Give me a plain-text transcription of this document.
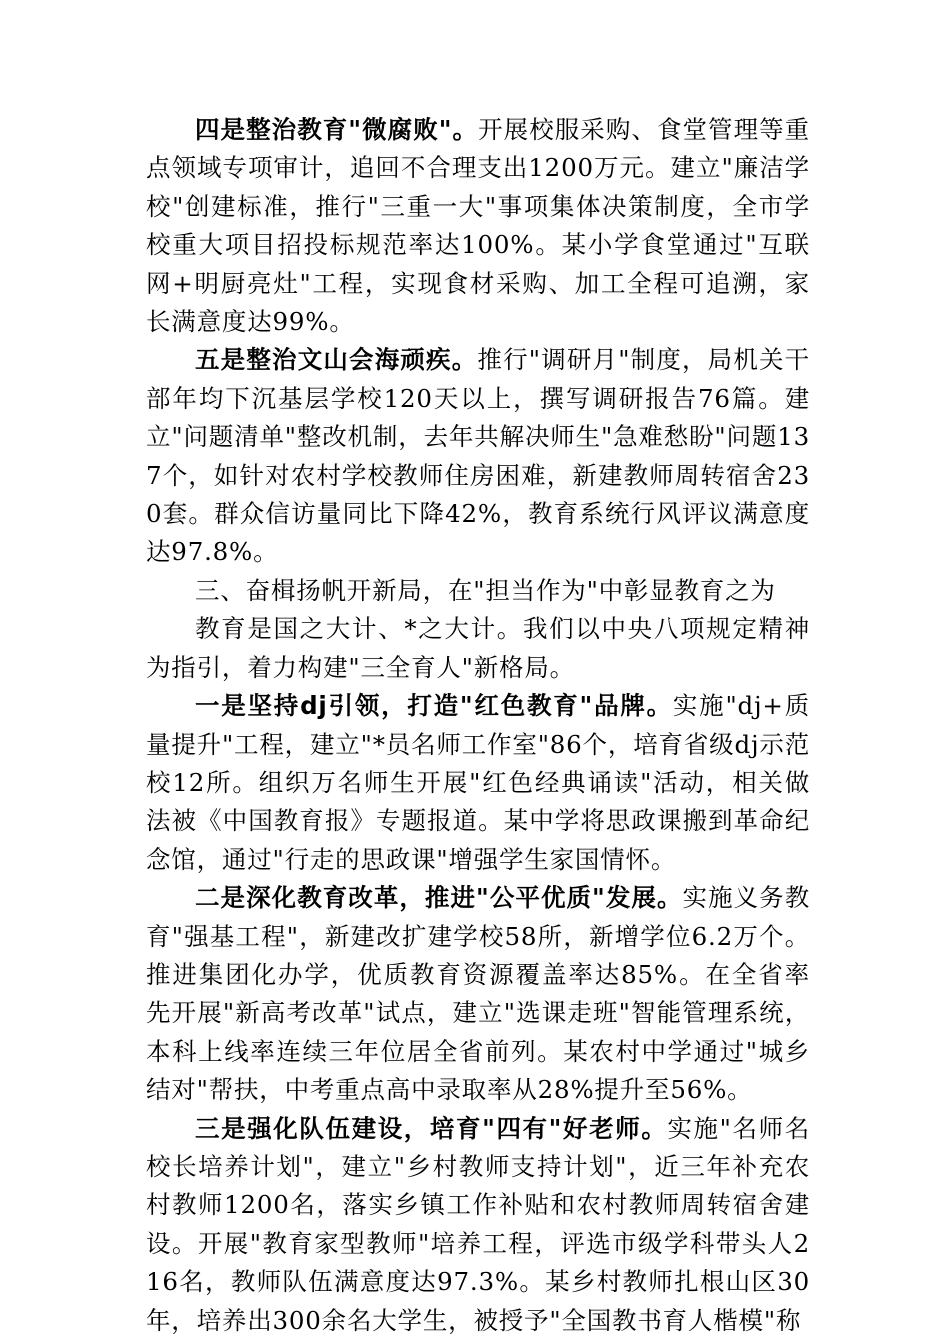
四是整治教育"微腐败"。开展校服采购、食堂管理等重点领域专项审计，追回不合理支出1200万元。建立"廉洁学校"创建标准，推行"三重一大"事项集体决策制度，全市学校重大项目招投标规范率达100%。某小学食堂通过"互联网+明厨亮灶"工程，实现食材采购、加工全程可追溯，家长满意度达99%。

五是整治文山会海顽疾。推行"调研月"制度，局机关干部年均下沉基层学校120天以上，撰写调研报告76篇。建立"问题清单"整改机制，去年共解决师生"急难愁盼"问题137个，如针对农村学校教师住房困难，新建教师周转宿舍230套。群众信访量同比下降42%，教育系统行风评议满意度达97.8%。

三、奋楫扬帆开新局，在"担当作为"中彰显教育之为

教育是国之大计、*之大计。我们以中央八项规定精神为指引，着力构建"三全育人"新格局。

一是坚持dj引领，打造"红色教育"品牌。实施"dj+质量提升"工程，建立"*员名师工作室"86个，培育省级dj示范校12所。组织万名师生开展"红色经典诵读"活动，相关做法被《中国教育报》专题报道。某中学将思政课搬到革命纪念馆，通过"行走的思政课"增强学生家国情怀。

二是深化教育改革，推进"公平优质"发展。实施义务教育"强基工程"，新建改扩建学校58所，新增学位6.2万个。推进集团化办学，优质教育资源覆盖率达85%。在全省率先开展"新高考改革"试点，建立"选课走班"智能管理系统，本科上线率连续三年位居全省前列。某农村中学通过"城乡结对"帮扶，中考重点高中录取率从28%提升至56%。

三是强化队伍建设，培育"四有"好老师。实施"名师名校长培养计划"，建立"乡村教师支持计划"，近三年补充农村教师1200名，落实乡镇工作补贴和农村教师周转宿舍建设。开展"教育家型教师"培养工程，评选市级学科带头人216名，教师队伍满意度达97.3%。某乡村教师扎根山区30年，培养出300余名大学生，被授予"全国教书育人楷模"称
